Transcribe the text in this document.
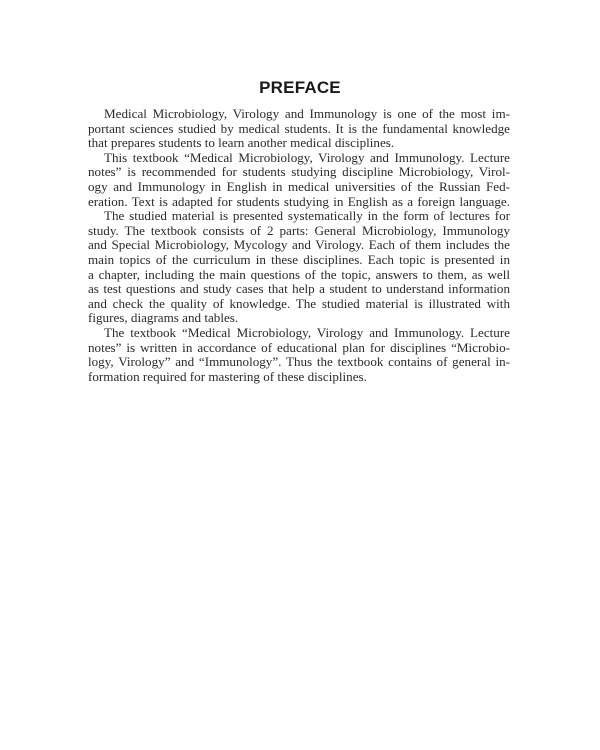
PREFACE

Medical Microbiology, Virology and Immunology is one of the most im-
portant sciences studied by medical students. It is the fundamental knowledge
that prepares students to learn another medical disciplines.

This textbook “Medical Microbiology, Virology and Immunology. Lecture
notes” is recommended for students studying discipline Microbiology, Virol-
ogy and Immunology in English in medical universities of the Russian Fed-
eration. Text is adapted for students studying in English as a foreign language.

The studied material is presented systematically in the form of lectures for
study. The textbook consists of 2 parts: General Microbiology, Immunology
and Special Microbiology, Mycology and Virology. Each of them includes the
main topics of the curriculum in these disciplines. Each topic is presented in
a chapter, including the main questions of the topic, answers to them, as well
as test questions and study cases that help a student to understand information
and check the quality of knowledge. The studied material is illustrated with
figures, diagrams and tables.

The textbook “Medical Microbiology, Virology and Immunology. Lecture
notes” is written in accordance of educational plan for disciplines “Microbio-
logy, Virology” and “Immunology”. Thus the textbook contains of general in-
formation required for mastering of these disciplines.
